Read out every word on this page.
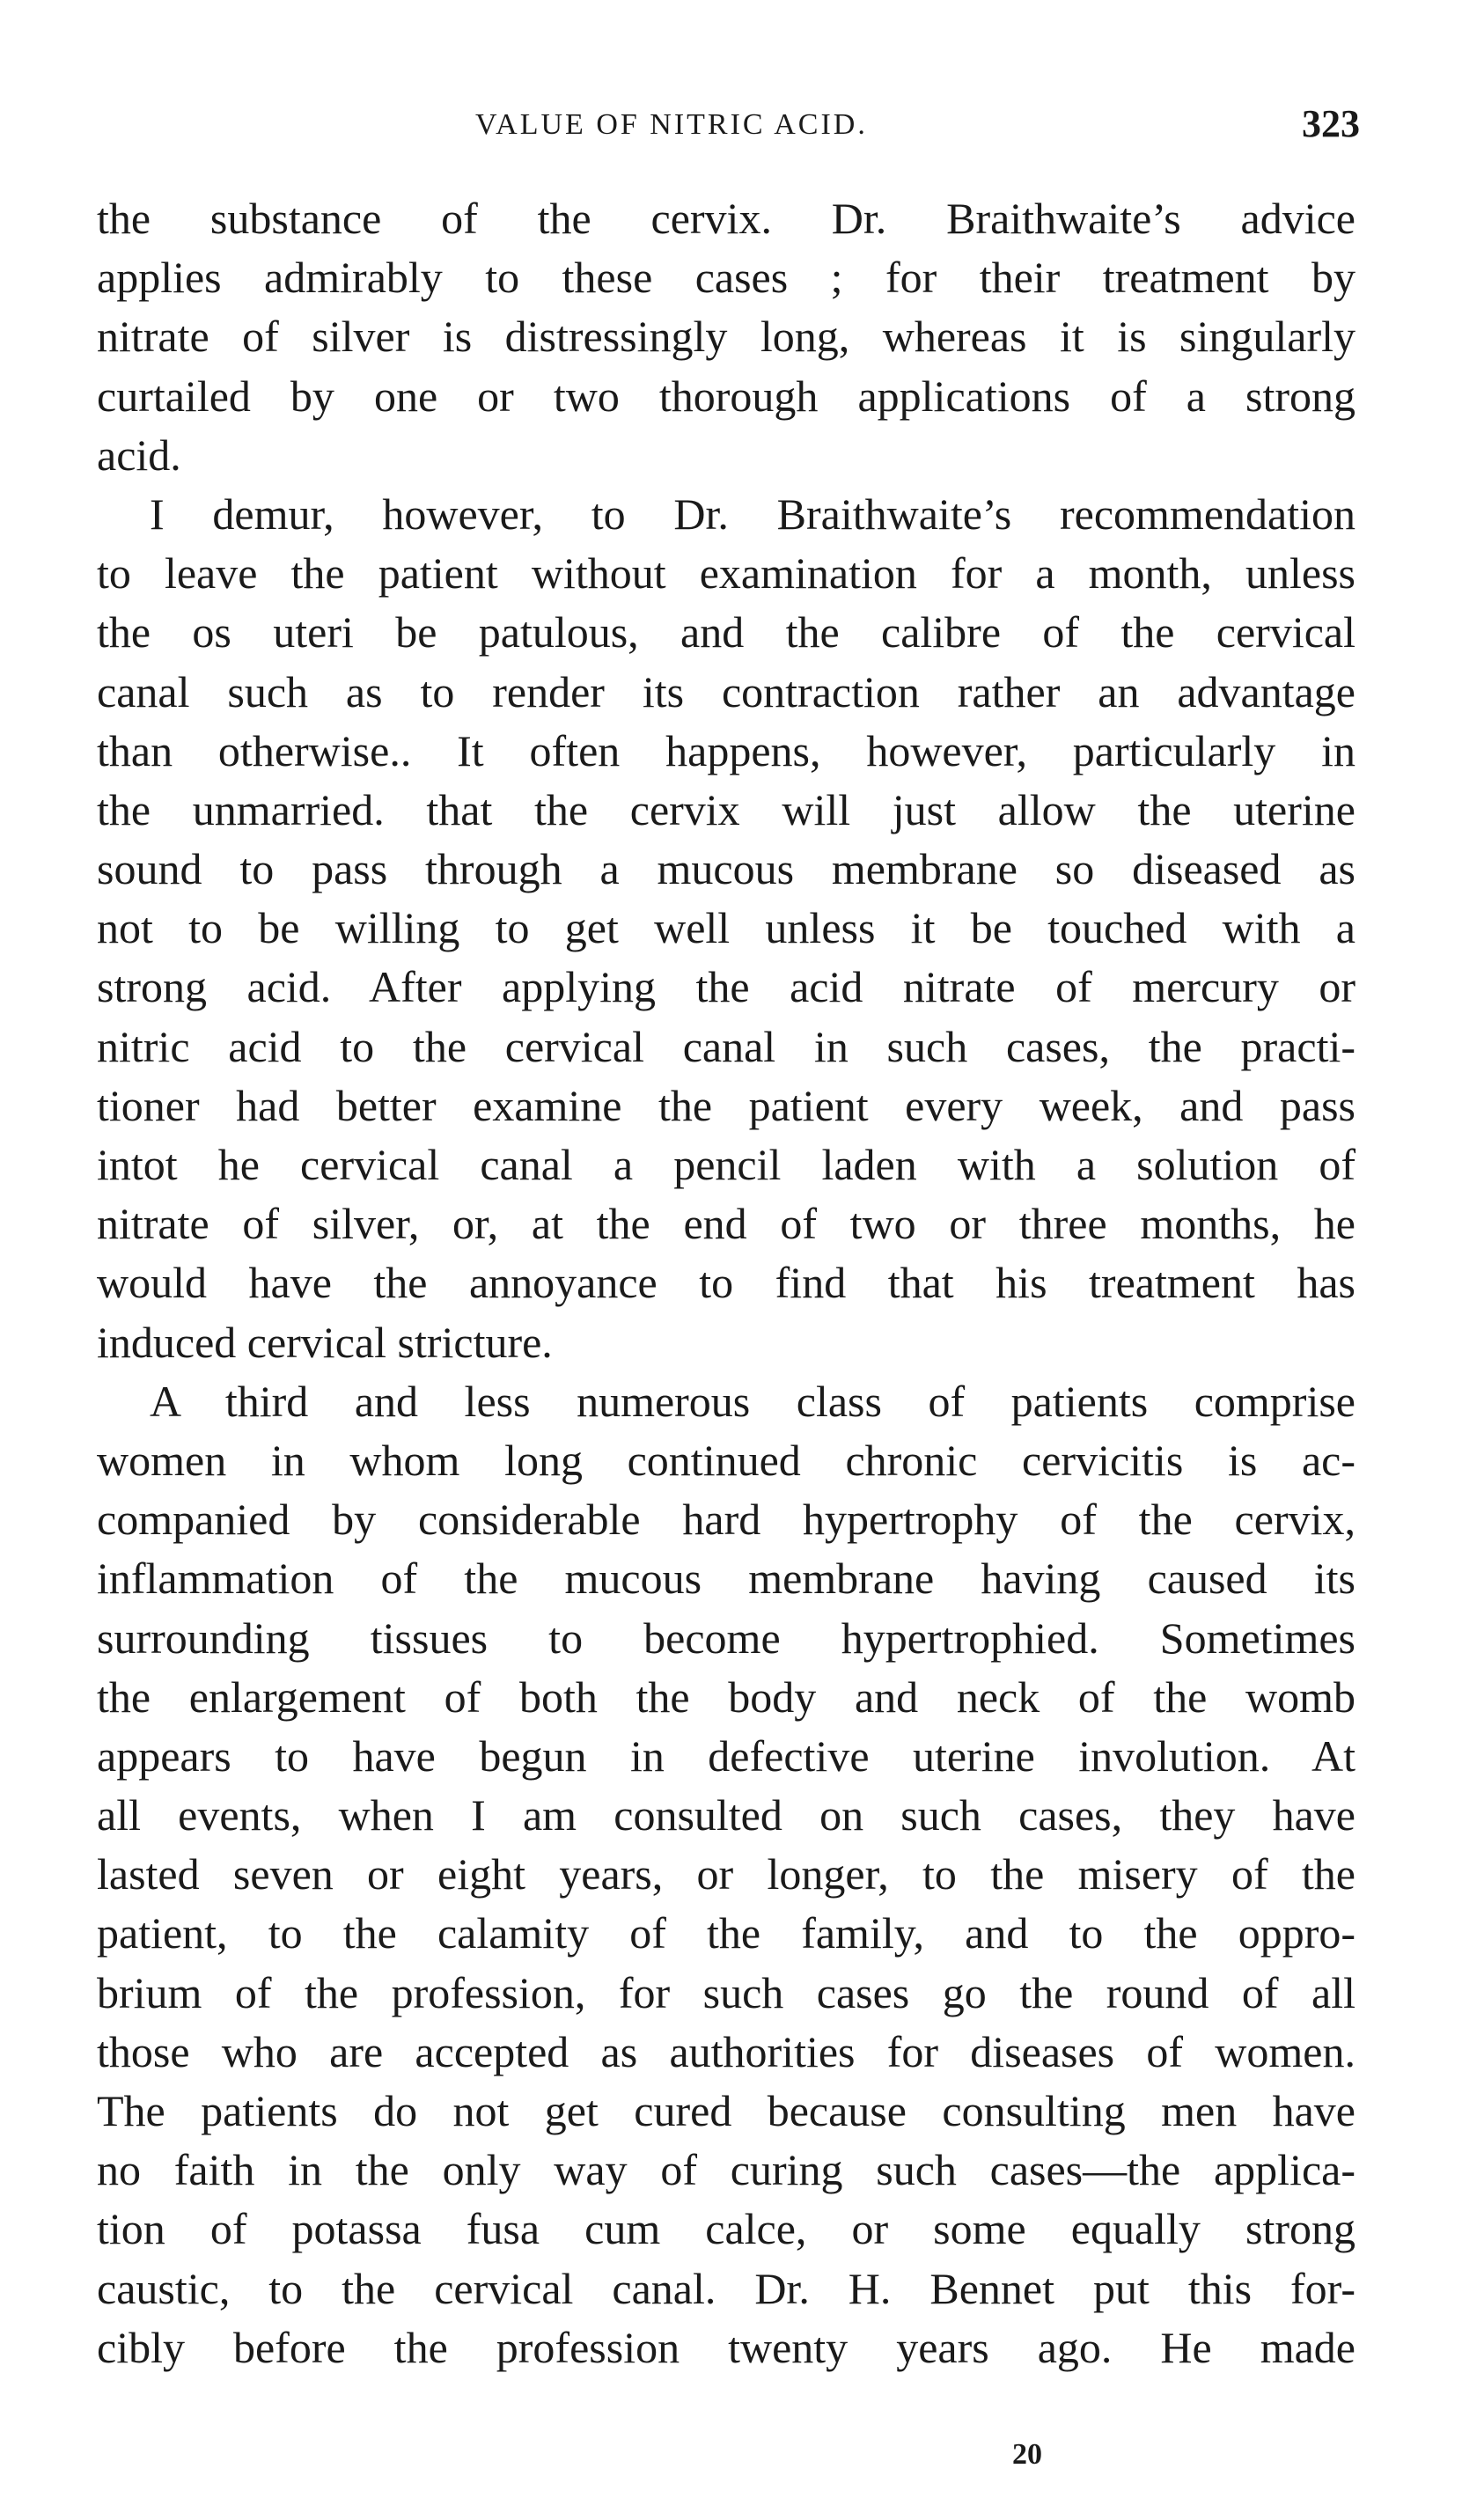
VALUE OF NITRIC ACID.	323
the substance of the cervix. Dr. Braithwaite’s advice
applies admirably to these cases ; for their treatment by
nitrate of silver is distressingly long, whereas it is singularly
curtailed by one or two thorough applications of a strong
acid.
I demur, however, to Dr. Braithwaite’s recommendation
to leave the patient without examination for a month, unless
the os uteri be patulous, and the calibre of the cervical
canal such as to render its contraction rather an advantage
than otherwise.. It often happens, however, particularly in
the unmarried. that the cervix will just allow the uterine
sound to pass through a mucous membrane so diseased as
not to be willing to get well unless it be touched with a
strong acid. After applying the acid nitrate of mercury or
nitric acid to the cervical canal in such cases, the practi-
tioner had better examine the patient every week, and pass
intot he cervical canal a pencil laden with a solution of
nitrate of silver, or, at the end of two or three months, he
would have the annoyance to find that his treatment has
induced cervical stricture.
A third and less numerous class of patients comprise
women in whom long continued chronic cervicitis is ac-
companied by considerable hard hypertrophy of the cervix,
inflammation of the mucous membrane having caused its
surrounding tissues to become hypertrophied. Sometimes
the enlargement of both the body and neck of the womb
appears to have begun in defective uterine involution. At
all events, when I am consulted on such cases, they have
lasted seven or eight years, or longer, to the misery of the
patient, to the calamity of the family, and to the oppro-
brium of the profession, for such cases go the round of all
those who are accepted as authorities for diseases of women.
The patients do not get cured because consulting men have
no faith in the only way of curing such cases—the applica-
tion of potassa fusa cum calce, or some equally strong
caustic, to the cervical canal. Dr. H. Bennet put this for-
cibly before the profession twenty years ago. He made
20
